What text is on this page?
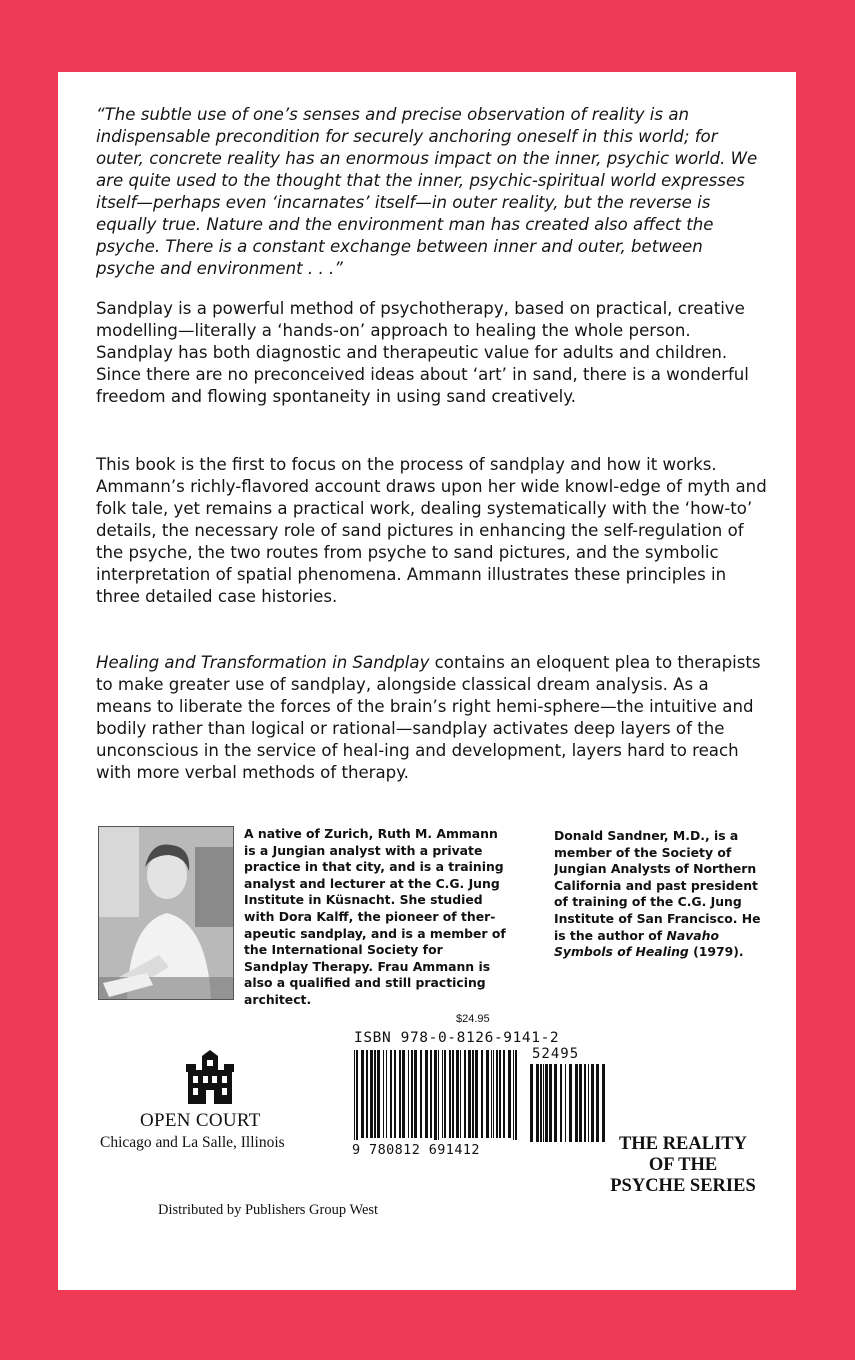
“The subtle use of one’s senses and precise observation of reality is an indispensable precondition for securely anchoring oneself in this world; for outer, concrete reality has an enormous impact on the inner, psychic world. We are quite used to the thought that the inner, psychic-spiritual world expresses itself—perhaps even ‘incarnates’ itself—in outer reality, but the reverse is equally true. Nature and the environment man has created also affect the psyche. There is a constant exchange between inner and outer, between psyche and environment . . .”

Sandplay is a powerful method of psychotherapy, based on practical, creative modelling—literally a ‘hands-on’ approach to healing the whole person. Sandplay has both diagnostic and therapeutic value for adults and children. Since there are no preconceived ideas about ‘art’ in sand, there is a wonderful freedom and flowing spontaneity in using sand creatively.

This book is the first to focus on the process of sandplay and how it works. Ammann’s richly-flavored account draws upon her wide knowl-edge of myth and folk tale, yet remains a practical work, dealing systematically with the ‘how-to’ details, the necessary role of sand pictures in enhancing the self-regulation of the psyche, the two routes from psyche to sand pictures, and the symbolic interpretation of spatial phenomena. Ammann illustrates these principles in three detailed case histories.

Healing and Transformation in Sandplay contains an eloquent plea to therapists to make greater use of sandplay, alongside classical dream analysis. As a means to liberate the forces of the brain’s right hemi-sphere—the intuitive and bodily rather than logical or rational—sandplay activates deep layers of the unconscious in the service of heal-ing and development, layers hard to reach with more verbal methods of therapy.

A native of Zurich, Ruth M. Ammann is a Jungian analyst with a private practice in that city, and is a training analyst and lecturer at the C.G. Jung Institute in Küsnacht. She studied with Dora Kalff, the pioneer of ther-apeutic sandplay, and is a member of the International Society for Sandplay Therapy. Frau Ammann is also a qualified and still practicing architect.

Donald Sandner, M.D., is a member of the Society of Jungian Analysts of Northern California and past president of training of the C.G. Jung Institute of San Francisco. He is the author of Navaho Symbols of Healing (1979).

OPEN COURT
Chicago and La Salle, Illinois
$24.95
ISBN 978-0-8126-9141-2
52495
9 780812 691412	THE REALITY
OF THE
PSYCHE SERIES
Distributed by Publishers Group West
